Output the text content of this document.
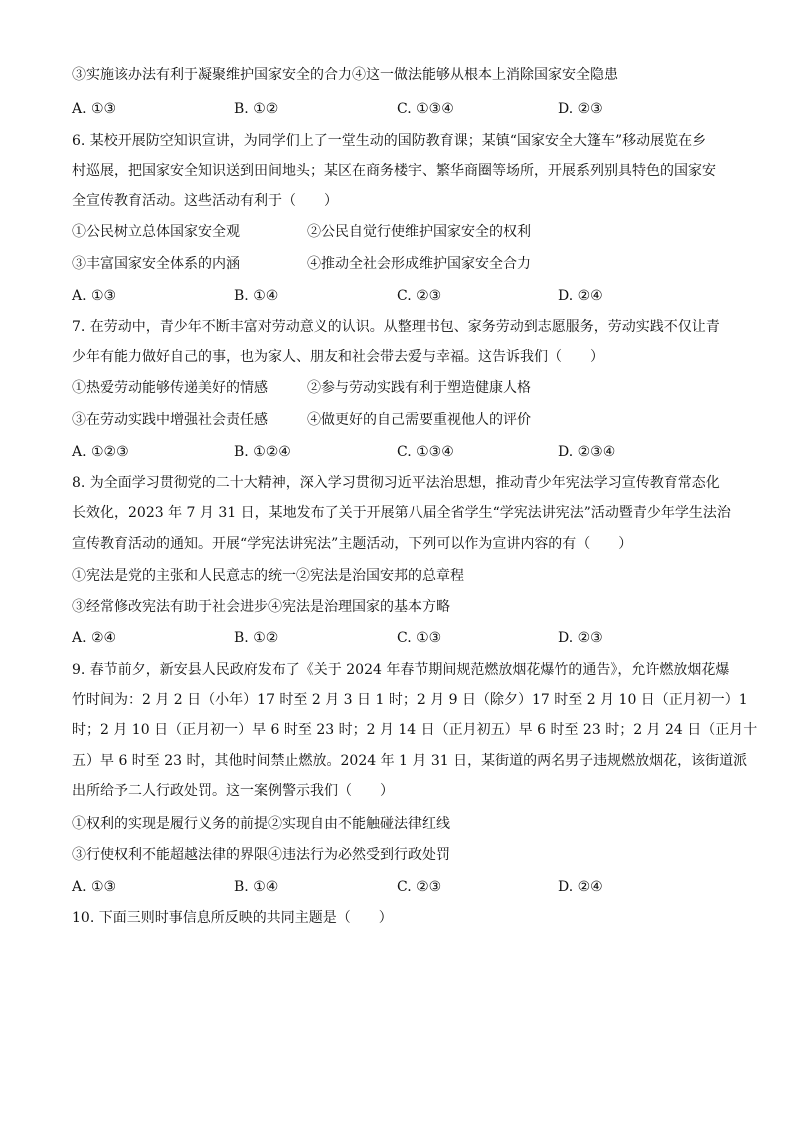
③实施该办法有利于凝聚维护国家安全的合力④这一做法能够从根本上消除国家安全隐患
A. ①③	B. ①②	C. ①③④	D. ②③
6. 某校开展防空知识宣讲，为同学们上了一堂生动的国防教育课；某镇“国家安全大篷车”移动展览在乡
村巡展，把国家安全知识送到田间地头；某区在商务楼宇、繁华商圈等场所，开展系列别具特色的国家安
全宣传教育活动。这些活动有利于（　　）
①公民树立总体国家安全观	②公民自觉行使维护国家安全的权利
③丰富国家安全体系的内涵	④推动全社会形成维护国家安全合力
A. ①③	B. ①④	C. ②③	D. ②④
7. 在劳动中，青少年不断丰富对劳动意义的认识。从整理书包、家务劳动到志愿服务，劳动实践不仅让青
少年有能力做好自己的事，也为家人、朋友和社会带去爱与幸福。这告诉我们（　　）
①热爱劳动能够传递美好的情感	②参与劳动实践有利于塑造健康人格
③在劳动实践中增强社会责任感	④做更好的自己需要重视他人的评价
A. ①②③	B. ①②④	C. ①③④	D. ②③④
8. 为全面学习贯彻党的二十大精神，深入学习贯彻习近平法治思想，推动青少年宪法学习宣传教育常态化
长效化，2023 年 7 月 31 日，某地发布了关于开展第八届全省学生“学宪法讲宪法”活动暨青少年学生法治
宣传教育活动的通知。开展“学宪法讲宪法”主题活动，下列可以作为宣讲内容的有（　　）
①宪法是党的主张和人民意志的统一②宪法是治国安邦的总章程
③经常修改宪法有助于社会进步④宪法是治理国家的基本方略
A. ②④	B. ①②	C. ①③	D. ②③
9. 春节前夕，新安县人民政府发布了《关于 2024 年春节期间规范燃放烟花爆竹的通告》，允许燃放烟花爆
竹时间为：2 月 2 日（小年）17 时至 2 月 3 日 1 时；2 月 9 日（除夕）17 时至 2 月 10 日（正月初一）1
时；2 月 10 日（正月初一）早 6 时至 23 时；2 月 14 日（正月初五）早 6 时至 23 时；2 月 24 日（正月十
五）早 6 时至 23 时，其他时间禁止燃放。2024 年 1 月 31 日，某街道的两名男子违规燃放烟花，该街道派
出所给予二人行政处罚。这一案例警示我们（　　）
①权利的实现是履行义务的前提②实现自由不能触碰法律红线
③行使权利不能超越法律的界限④违法行为必然受到行政处罚
A. ①③	B. ①④	C. ②③	D. ②④
10. 下面三则时事信息所反映的共同主题是（　　）
